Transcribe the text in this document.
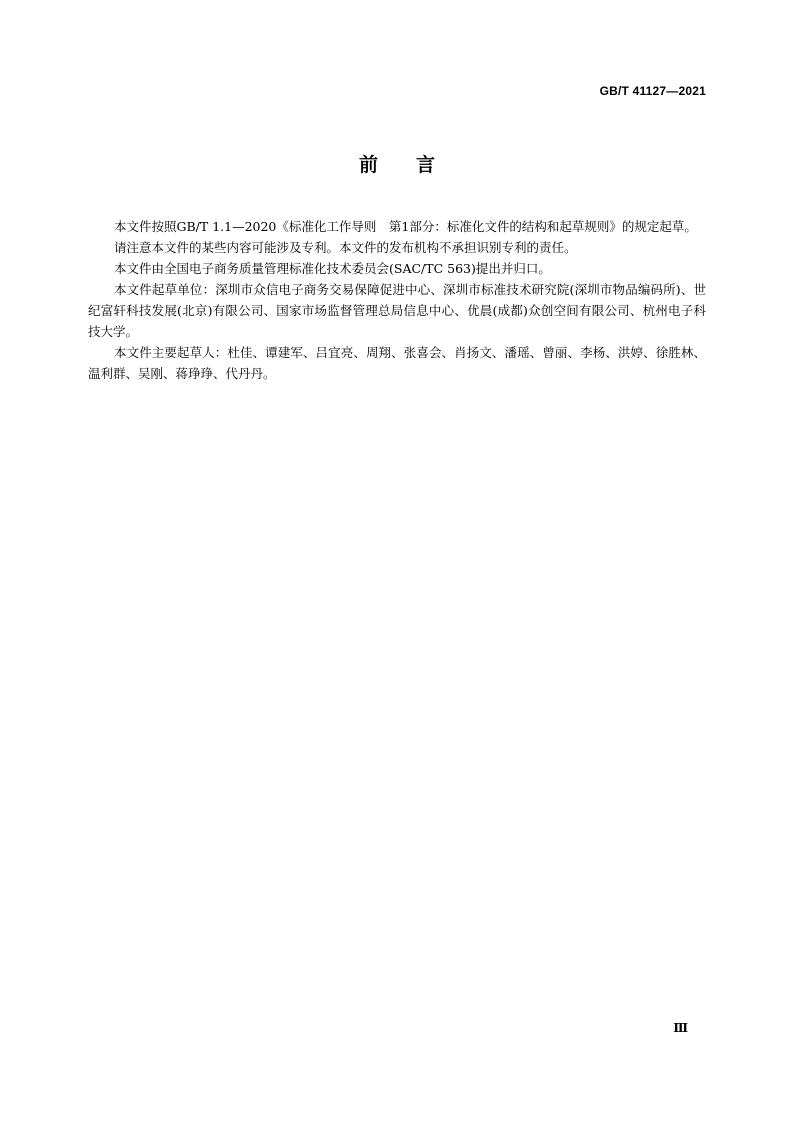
GB/T 41127—2021
前言

本文件按照GB/T 1.1—2020《标准化工作导则　第1部分：标准化文件的结构和起草规则》的规定起草。

请注意本文件的某些内容可能涉及专利。本文件的发布机构不承担识别专利的责任。

本文件由全国电子商务质量管理标准化技术委员会(SAC/TC 563)提出并归口。

本文件起草单位：深圳市众信电子商务交易保障促进中心、深圳市标准技术研究院(深圳市物品编码所)、世纪富轩科技发展(北京)有限公司、国家市场监督管理总局信息中心、优晨(成都)众创空间有限公司、杭州电子科技大学。

本文件主要起草人：杜佳、谭建军、吕宜亮、周翔、张喜会、肖扬文、潘瑶、曾丽、李杨、洪婷、徐胜林、温利群、吴刚、蒋琤琤、代丹丹。

Ⅲ
